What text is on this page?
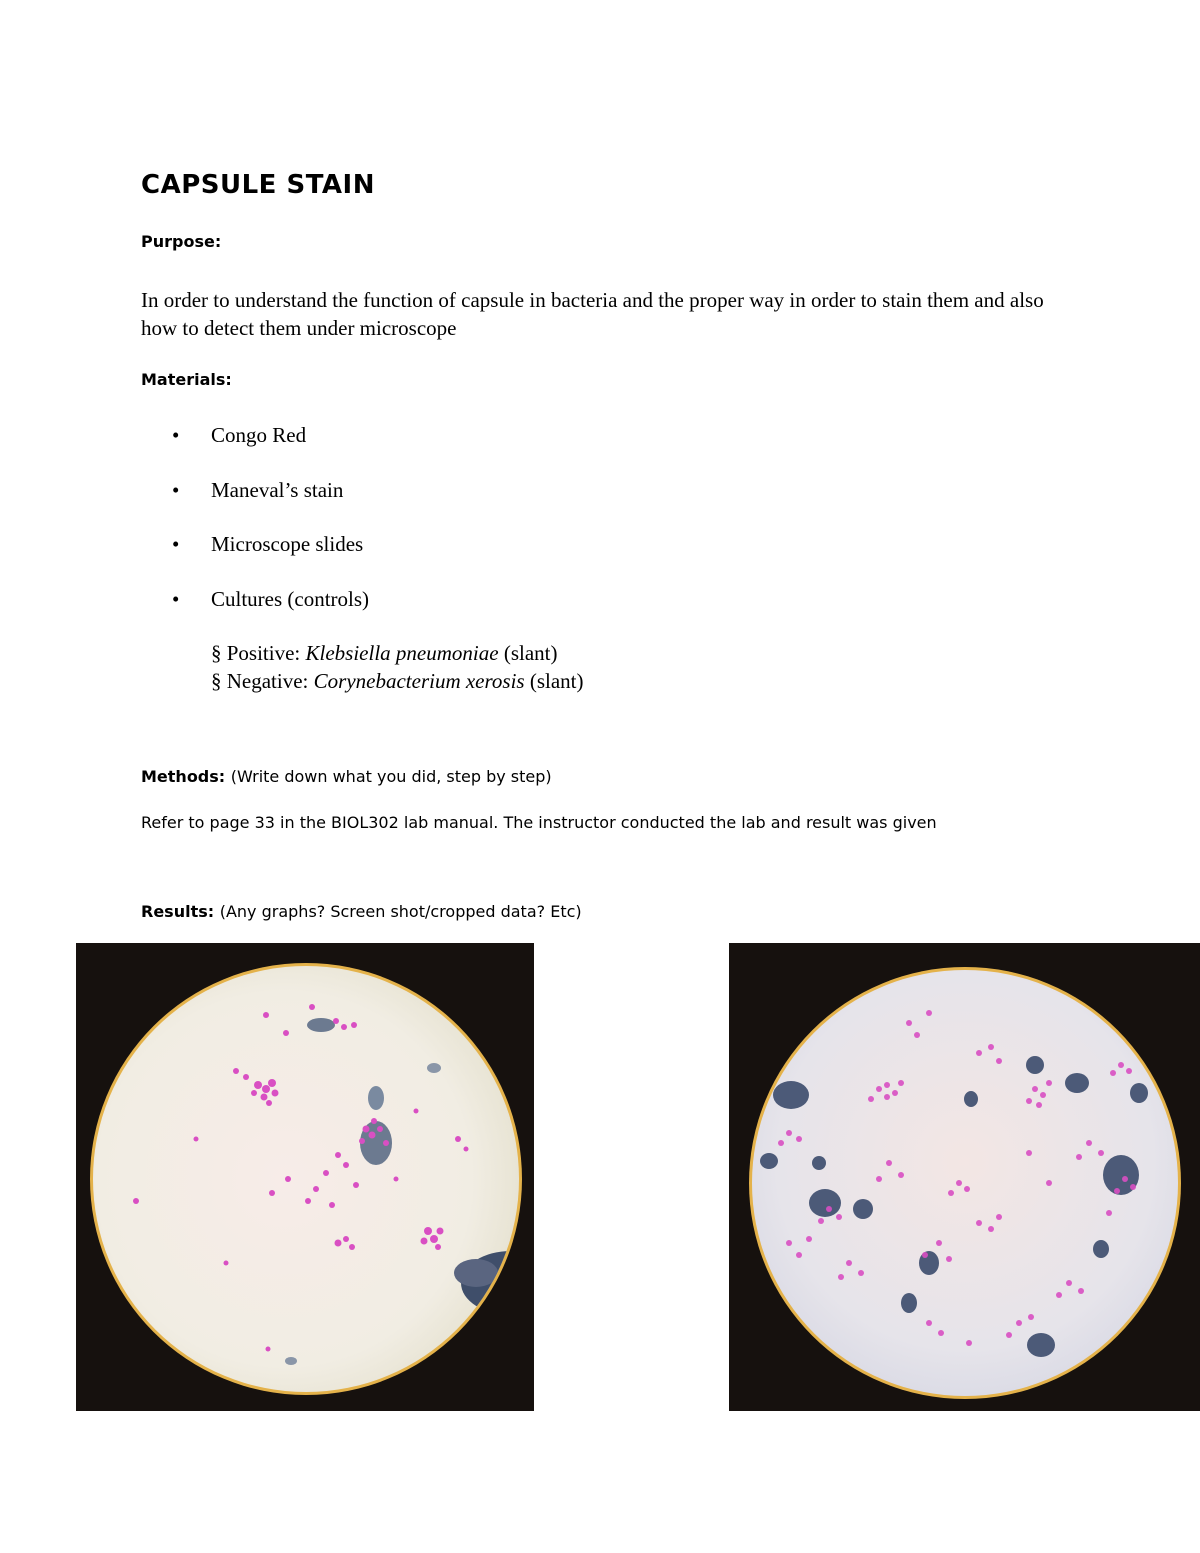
CAPSULE STAIN
Purpose:
In order to understand the function of capsule in bacteria and the proper way in order to stain them and also how to detect them under microscope
Materials:
• Congo Red
• Maneval’s stain
• Microscope slides
• Cultures (controls)
§ Positive: Klebsiella pneumoniae (slant)
§ Negative: Corynebacterium xerosis (slant)
Methods: (Write down what you did, step by step)
Refer to page 33 in the BIOL302 lab manual. The instructor conducted the lab and result was given
Results: (Any graphs? Screen shot/cropped data? Etc)
